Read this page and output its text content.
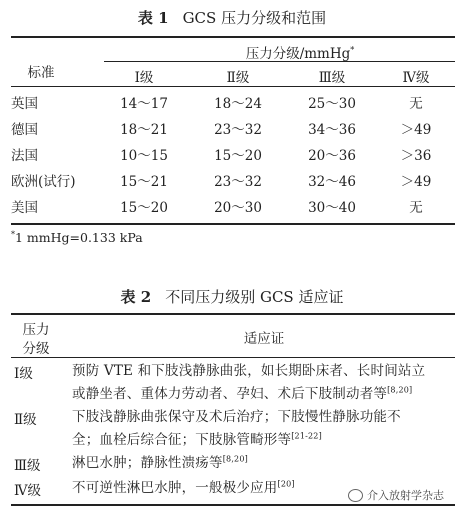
表 1 GCS 压力分级和范围
标准
压力分级/mmHg*
Ⅰ级	Ⅱ级	Ⅲ级	Ⅳ级
英国	14～17	18～24	25～30	无
德国	18～21	23～32	34～36	＞49
法国	10～15	15～20	20～36	＞36
欧洲(试行)	15～21	23～32	32～46	＞49
美国	15～20	20～30	30～40	无
*1 mmHg=0.133 kPa
表 2 不同压力级别 GCS 适应证
压力
分级
适应证
Ⅰ级	预防 VTE 和下肢浅静脉曲张，如长期卧床者、长时间站立
或静坐者、重体力劳动者、孕妇、术后下肢制动者等[8,20]
Ⅱ级	下肢浅静脉曲张保守及术后治疗；下肢慢性静脉功能不
全；血栓后综合征；下肢脉管畸形等[21-22]
Ⅲ级 淋巴水肿；静脉性溃疡等[8,20]
Ⅳ级 不可逆性淋巴水肿，一般极少应用[20]
介入放射学杂志
